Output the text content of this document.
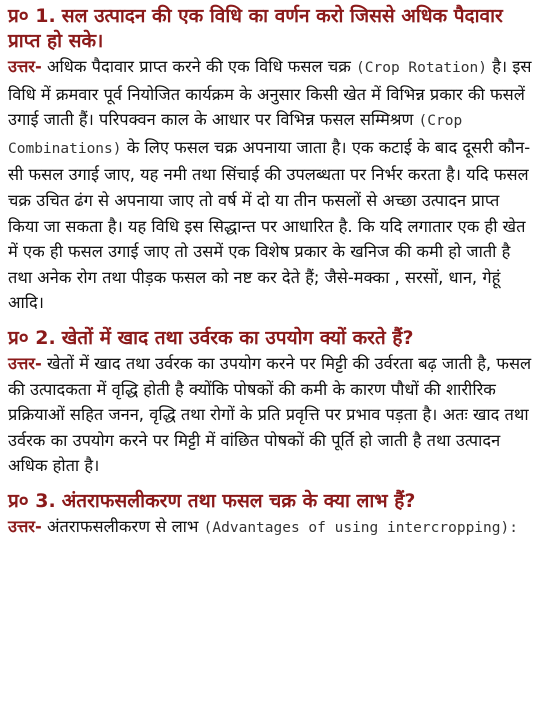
प्र० 1. सल उत्पादन की एक विधि का वर्णन करो जिससे अधिक पैदावार प्राप्त हो सके।

उत्तर- अधिक पैदावार प्राप्त करने की एक विधि फसल चक्र (Crop Rotation) है। इस विधि में क्रमवार पूर्व नियोजित कार्यक्रम के अनुसार किसी खेत में विभिन्न प्रकार की फसलें उगाई जाती हैं। परिपक्वन काल के आधार पर विभिन्न फसल सम्मिश्रण (Crop Combinations) के लिए फसल चक्र अपनाया जाता है। एक कटाई के बाद दूसरी कौन-सी फसल उगाई जाए, यह नमी तथा सिंचाई की उपलब्धता पर निर्भर करता है। यदि फसल चक्र उचित ढंग से अपनाया जाए तो वर्ष में दो या तीन फसलों से अच्छा उत्पादन प्राप्त किया जा सकता है। यह विधि इस सिद्धान्त पर आधारित है. कि यदि लगातार एक ही खेत में एक ही फसल उगाई जाए तो उसमें एक विशेष प्रकार के खनिज की कमी हो जाती है तथा अनेक रोग तथा पीड़क फसल को नष्ट कर देते हैं; जैसे-मक्का , सरसों, धान, गेहूं आदि।

प्र० 2. खेतों में खाद तथा उर्वरक का उपयोग क्यों करते हैं?

उत्तर- खेतों में खाद तथा उर्वरक का उपयोग करने पर मिट्टी की उर्वरता बढ़ जाती है, फसल की उत्पादकता में वृद्धि होती है क्योंकि पोषकों की कमी के कारण पौधों की शारीरिक प्रक्रियाओं सहित जनन, वृद्धि तथा रोगों के प्रति प्रवृत्ति पर प्रभाव पड़ता है। अतः खाद तथा उर्वरक का उपयोग करने पर मिट्टी में वांछित पोषकों की पूर्ति हो जाती है तथा उत्पादन अधिक होता है।

प्र० 3. अंतराफसलीकरण तथा फसल चक्र के क्या लाभ हैं?

उत्तर- अंतराफसलीकरण से लाभ (Advantages of using intercropping):
